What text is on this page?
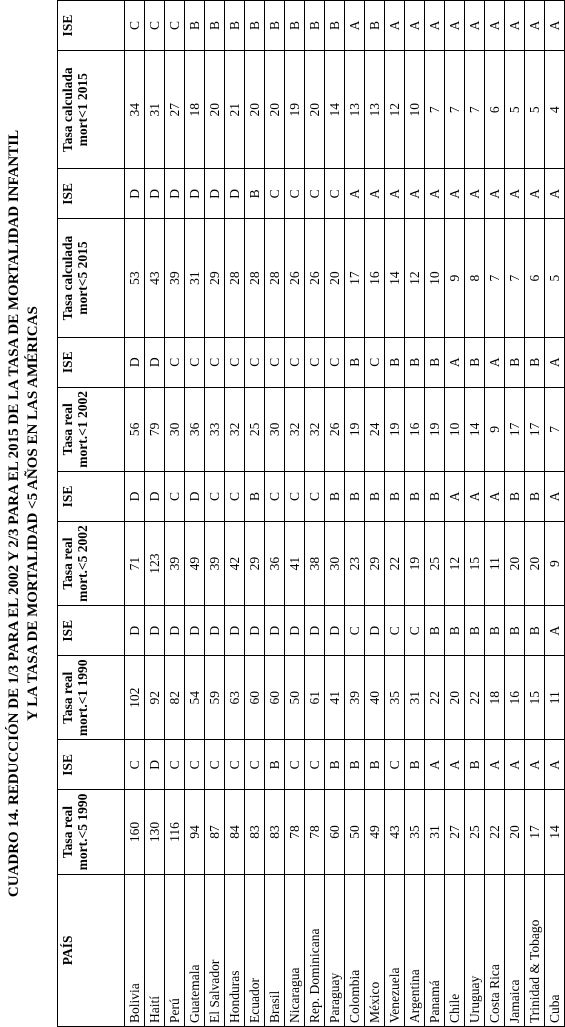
CUADRO 14. REDUCCIÓN DE 1/3 PARA EL 2002 Y 2/3 PARA EL 2015 DE LA TASA DE MORTALIDAD INFANTIL Y LA TASA DE MORTALIDAD <5 AÑOS EN LAS AMÉRICAS
PAÍS	Tasa real mort.<5 1990	ISE	Tasa real mort.<1 1990	ISE	Tasa real mort.<5 2002	ISE	Tasa real mort.<1 2002	ISE	Tasa calculada mort<5 2015	ISE	Tasa calculada mort<1 2015	ISE
Bolivia	160	C	102	D	71	D	56	D	53	D	34	C
Haití	130	D	92	D	123	D	79	D	43	D	31	C
Perú	116	C	82	D	39	C	30	C	39	D	27	C
Guatemala	94	C	54	D	49	D	36	C	31	D	18	B
El Salvador	87	C	59	D	39	C	33	C	29	D	20	B
Honduras	84	C	63	D	42	C	32	C	28	D	21	B
Ecuador	83	C	60	D	29	B	25	C	28	B	20	B
Brasil	83	B	60	D	36	C	30	C	28	C	20	B
Nicaragua	78	C	50	D	41	C	32	C	26	C	19	B
Rep. Dominicana	78	C	61	D	38	C	32	C	26	C	20	B
Paraguay	60	B	41	D	30	B	26	C	20	C	14	B
Colombia	50	B	39	C	23	B	19	B	17	A	13	A
México	49	B	40	D	29	B	24	C	16	A	13	B
Venezuela	43	C	35	C	22	B	19	B	14	A	12	A
Argentina	35	B	31	C	19	B	16	B	12	A	10	A
Panamá	31	A	22	B	25	B	19	B	10	A	7	A
Chile	27	A	20	B	12	A	10	A	9	A	7	A
Uruguay	25	B	22	B	15	A	14	B	8	A	7	A
Costa Rica	22	A	18	B	11	A	9	A	7	A	6	A
Jamaica	20	A	16	B	20	B	17	B	7	A	5	A
Trinidad & Tobago	17	A	15	B	20	B	17	B	6	A	5	A
Cuba	14	A	11	A	9	A	7	A	5	A	4	A
